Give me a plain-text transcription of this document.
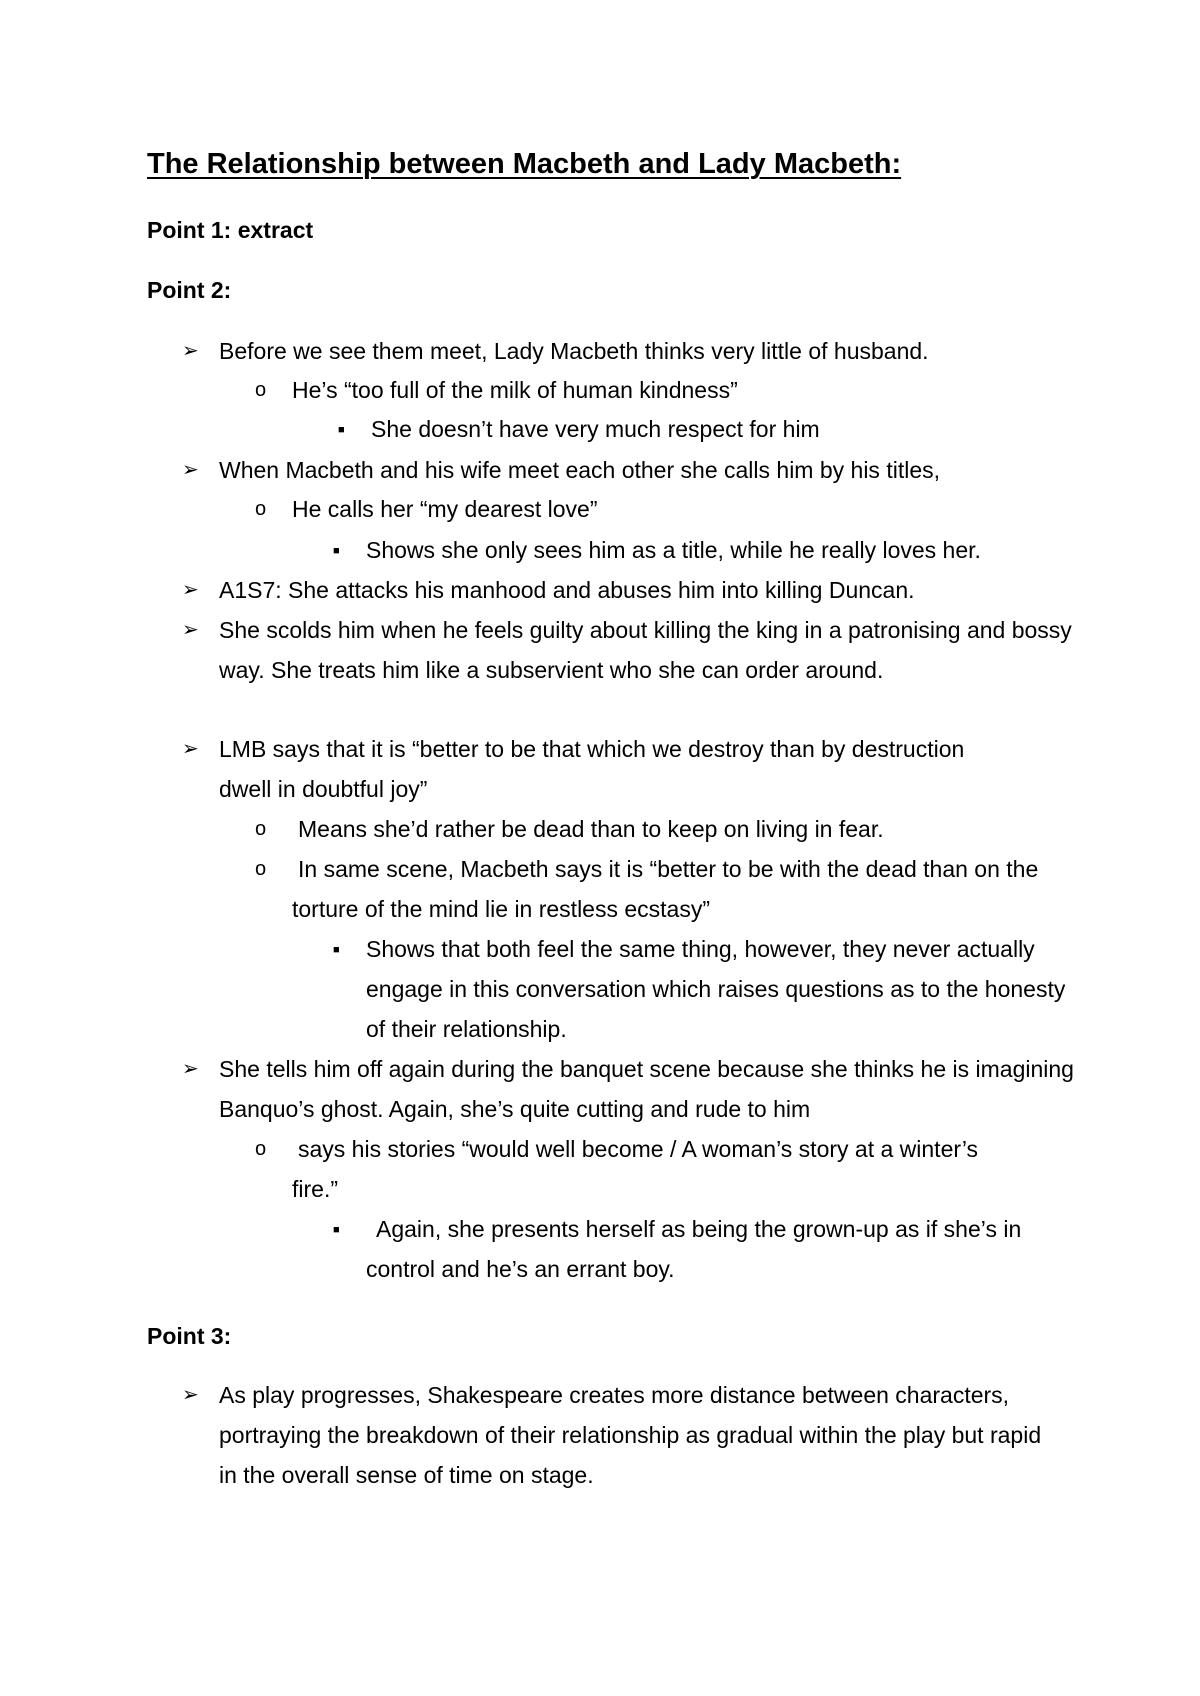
The Relationship between Macbeth and Lady Macbeth:

Point 1: extract

Point 2:

➢ Before we see them meet, Lady Macbeth thinks very little of husband.
o He’s “too full of the milk of human kindness”
■ She doesn’t have very much respect for him
➢ When Macbeth and his wife meet each other she calls him by his titles,
o He calls her “my dearest love”
■ Shows she only sees him as a title, while he really loves her.
➢ A1S7: She attacks his manhood and abuses him into killing Duncan.
➢ She scolds him when he feels guilty about killing the king in a patronising and bossy way. She treats him like a subservient who she can order around.
➢ LMB says that it is “better to be that which we destroy than by destruction dwell in doubtful joy”
o Means she’d rather be dead than to keep on living in fear.
o In same scene, Macbeth says it is “better to be with the dead than on the torture of the mind lie in restless ecstasy”
■ Shows that both feel the same thing, however, they never actually engage in this conversation which raises questions as to the honesty of their relationship.
➢ She tells him off again during the banquet scene because she thinks he is imagining Banquo’s ghost. Again, she’s quite cutting and rude to him
o says his stories “would well become / A woman’s story at a winter’s fire.”
■	Again, she presents herself as being the grown-up as if she’s in control and he’s an errant boy.

Point 3:

➢ As play progresses, Shakespeare creates more distance between characters, portraying the breakdown of their relationship as gradual within the play but rapid in the overall sense of time on stage.
